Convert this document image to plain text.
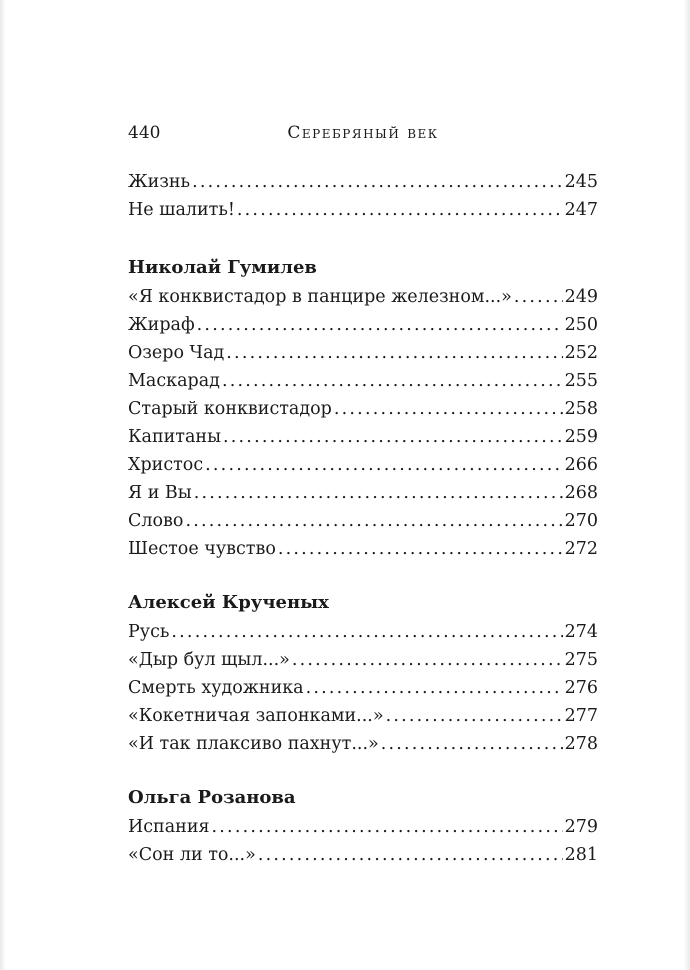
440	Серебряный век
Жизнь .....	245
Не шалить! .....	247
Николай Гумилев
«Я конквистадор в панцире железном...» .....	249
Жираф .....	250
Озеро Чад .....	252
Маскарад .....	255
Старый конквистадор .....	258
Капитаны .....	259
Христос .....	266
Я и Вы .....	268
Слово .....	270
Шестое чувство .....	272
Алексей Крученых
Русь .....	274
«Дыр бул щыл...» .....	275
Смерть художника .....	276
«Кокетничая запонками...» .....	277
«И так плаксиво пахнут...» .....	278
Ольга Розанова
Испания .....	279
«Сон ли то...» .....	281
